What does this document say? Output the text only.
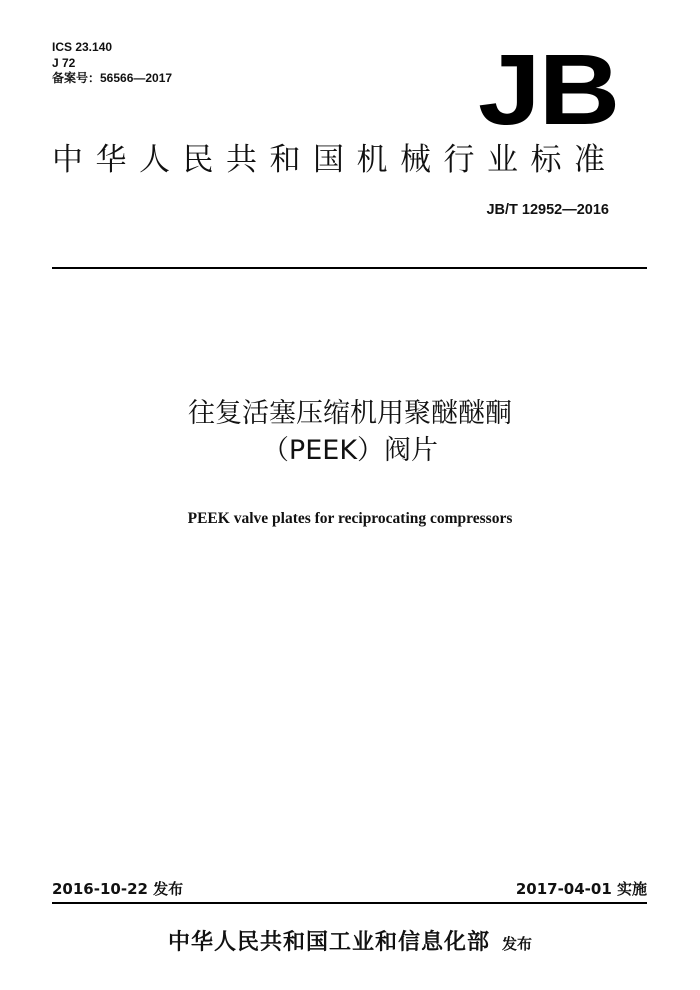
ICS 23.140
J 72
备案号：56566—2017	JB
中华人民共和国机械行业标准
JB/T 12952—2016
往复活塞压缩机用聚醚醚酮
（PEEK）阀片
PEEK valve plates for reciprocating compressors
2016-10-22 发布	2017-04-01 实施
中华人民共和国工业和信息化部 发布
